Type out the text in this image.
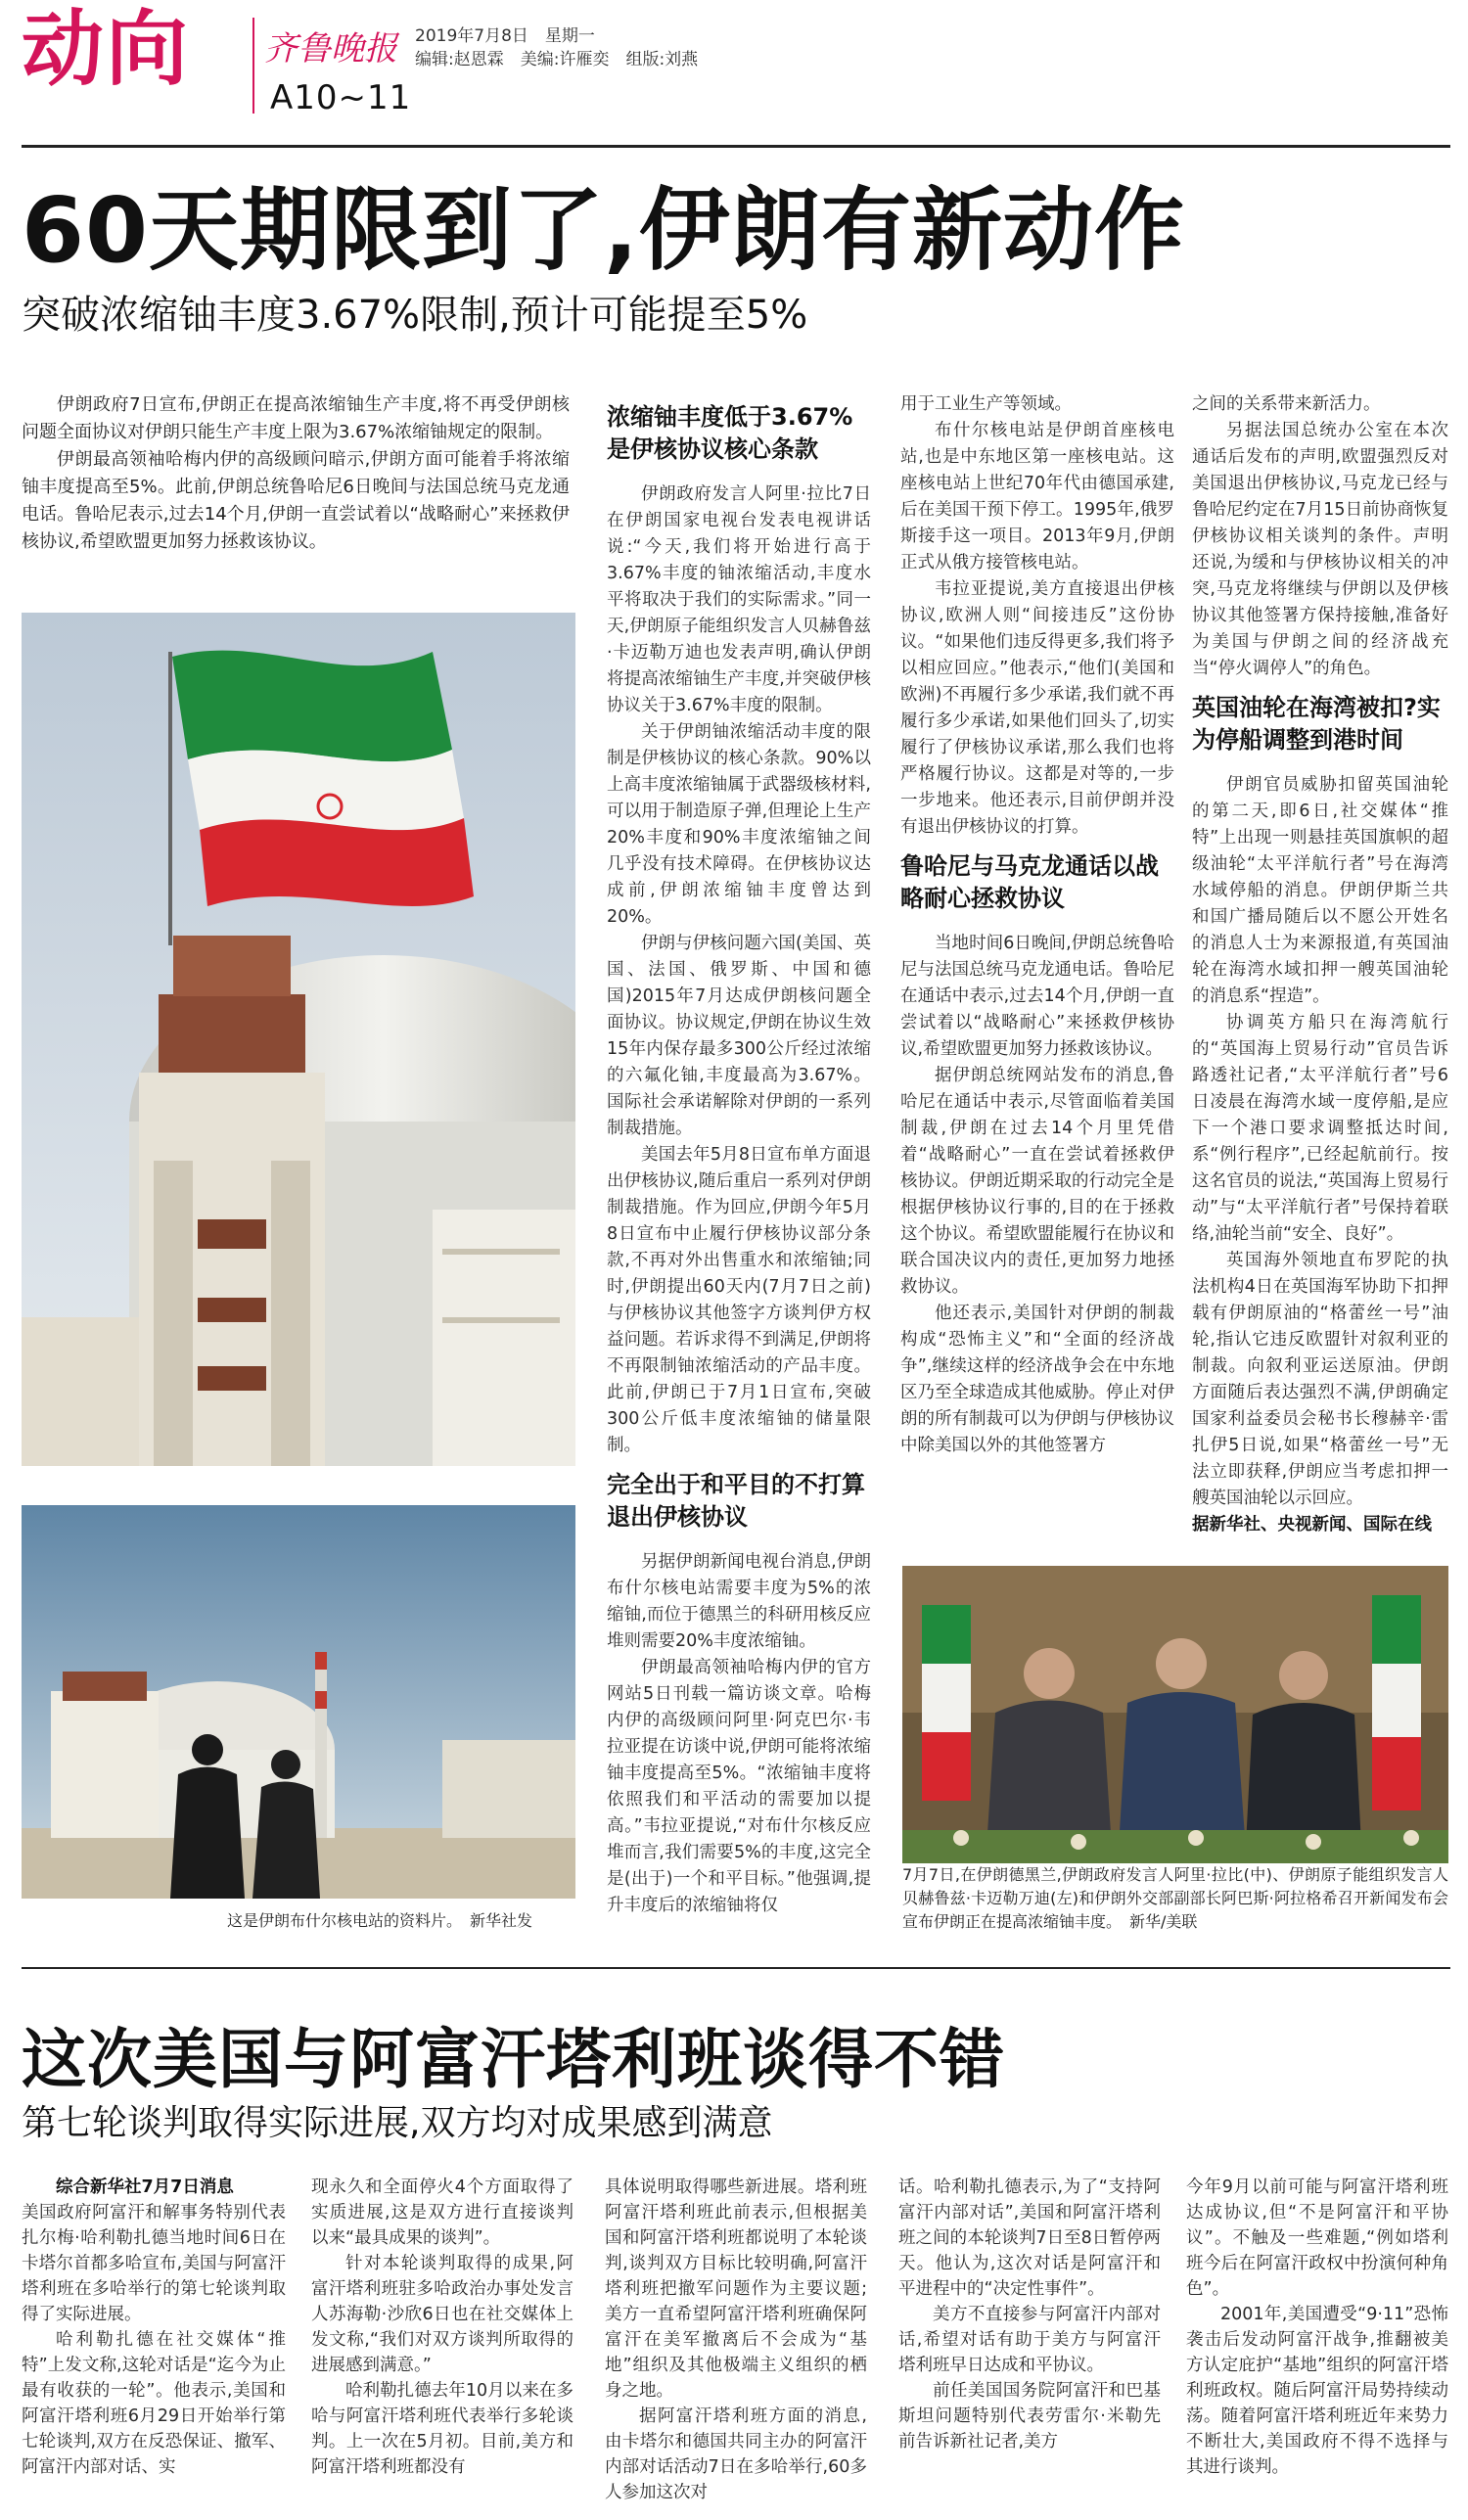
动向 齐鲁晚报
A10~11
2019年7月8日　星期一
编辑:赵恩霖　美编:许雁奕　组版:刘燕
60天期限到了,伊朗有新动作
突破浓缩铀丰度3.67%限制,预计可能提至5%

伊朗政府7日宣布,伊朗正在提高浓缩铀生产丰度,将不再受伊朗核问题全面协议对伊朗只能生产丰度上限为3.67%浓缩铀规定的限制。

伊朗最高领袖哈梅内伊的高级顾问暗示,伊朗方面可能着手将浓缩铀丰度提高至5%。此前,伊朗总统鲁哈尼6日晚间与法国总统马克龙通电话。鲁哈尼表示,过去14个月,伊朗一直尝试着以“战略耐心”来拯救伊核协议,希望欧盟更加努力拯救该协议。

这是伊朗布什尔核电站的资料片。　新华社发
浓缩铀丰度低于3.67%是伊核协议核心条款

伊朗政府发言人阿里·拉比7日在伊朗国家电视台发表电视讲话说:“今天,我们将开始进行高于3.67%丰度的铀浓缩活动,丰度水平将取决于我们的实际需求。”同一天,伊朗原子能组织发言人贝赫鲁兹·卡迈勒万迪也发表声明,确认伊朗将提高浓缩铀生产丰度,并突破伊核协议关于3.67%丰度的限制。

关于伊朗铀浓缩活动丰度的限制是伊核协议的核心条款。90%以上高丰度浓缩铀属于武器级核材料,可以用于制造原子弹,但理论上生产20%丰度和90%丰度浓缩铀之间几乎没有技术障碍。在伊核协议达成前,伊朗浓缩铀丰度曾达到20%。

伊朗与伊核问题六国(美国、英国、法国、俄罗斯、中国和德国)2015年7月达成伊朗核问题全面协议。协议规定,伊朗在协议生效15年内保存最多300公斤经过浓缩的六氟化铀,丰度最高为3.67%。国际社会承诺解除对伊朗的一系列制裁措施。

美国去年5月8日宣布单方面退出伊核协议,随后重启一系列对伊朗制裁措施。作为回应,伊朗今年5月8日宣布中止履行伊核协议部分条款,不再对外出售重水和浓缩铀;同时,伊朗提出60天内(7月7日之前)与伊核协议其他签字方谈判伊方权益问题。若诉求得不到满足,伊朗将不再限制铀浓缩活动的产品丰度。此前,伊朗已于7月1日宣布,突破300公斤低丰度浓缩铀的储量限制。

完全出于和平目的不打算退出伊核协议

另据伊朗新闻电视台消息,伊朗布什尔核电站需要丰度为5%的浓缩铀,而位于德黑兰的科研用核反应堆则需要20%丰度浓缩铀。

伊朗最高领袖哈梅内伊的官方网站5日刊载一篇访谈文章。哈梅内伊的高级顾问阿里·阿克巴尔·韦拉亚提在访谈中说,伊朗可能将浓缩铀丰度提高至5%。“浓缩铀丰度将依照我们和平活动的需要加以提高。”韦拉亚提说,“对布什尔核反应堆而言,我们需要5%的丰度,这完全是(出于)一个和平目标。”他强调,提升丰度后的浓缩铀将仅

用于工业生产等领域。

布什尔核电站是伊朗首座核电站,也是中东地区第一座核电站。这座核电站上世纪70年代由德国承建,后在美国干预下停工。1995年,俄罗斯接手这一项目。2013年9月,伊朗正式从俄方接管核电站。

韦拉亚提说,美方直接退出伊核协议,欧洲人则“间接违反”这份协议。“如果他们违反得更多,我们将予以相应回应。”他表示,“他们(美国和欧洲)不再履行多少承诺,我们就不再履行多少承诺,如果他们回头了,切实履行了伊核协议承诺,那么我们也将严格履行协议。这都是对等的,一步一步地来。他还表示,目前伊朗并没有退出伊核协议的打算。

鲁哈尼与马克龙通话以战略耐心拯救协议

当地时间6日晚间,伊朗总统鲁哈尼与法国总统马克龙通电话。鲁哈尼在通话中表示,过去14个月,伊朗一直尝试着以“战略耐心”来拯救伊核协议,希望欧盟更加努力拯救该协议。

据伊朗总统网站发布的消息,鲁哈尼在通话中表示,尽管面临着美国制裁,伊朗在过去14个月里凭借着“战略耐心”一直在尝试着拯救伊核协议。伊朗近期采取的行动完全是根据伊核协议行事的,目的在于拯救这个协议。希望欧盟能履行在协议和联合国决议内的责任,更加努力地拯救协议。

他还表示,美国针对伊朗的制裁构成“恐怖主义”和“全面的经济战争”,继续这样的经济战争会在中东地区乃至全球造成其他威胁。停止对伊朗的所有制裁可以为伊朗与伊核协议中除美国以外的其他签署方

之间的关系带来新活力。

另据法国总统办公室在本次通话后发布的声明,欧盟强烈反对美国退出伊核协议,马克龙已经与鲁哈尼约定在7月15日前协商恢复伊核协议相关谈判的条件。声明还说,为缓和与伊核协议相关的冲突,马克龙将继续与伊朗以及伊核协议其他签署方保持接触,准备好为美国与伊朗之间的经济战充当“停火调停人”的角色。

英国油轮在海湾被扣?实为停船调整到港时间

伊朗官员威胁扣留英国油轮的第二天,即6日,社交媒体“推特”上出现一则悬挂英国旗帜的超级油轮“太平洋航行者”号在海湾水域停船的消息。伊朗伊斯兰共和国广播局随后以不愿公开姓名的消息人士为来源报道,有英国油轮在海湾水域扣押一艘英国油轮的消息系“捏造”。

协调英方船只在海湾航行的“英国海上贸易行动”官员告诉路透社记者,“太平洋航行者”号6日凌晨在海湾水域一度停船,是应下一个港口要求调整抵达时间,系“例行程序”,已经起航前行。按这名官员的说法,“英国海上贸易行动”与“太平洋航行者”号保持着联络,油轮当前“安全、良好”。

英国海外领地直布罗陀的执法机构4日在英国海军协助下扣押载有伊朗原油的“格蕾丝一号”油轮,指认它违反欧盟针对叙利亚的制裁。向叙利亚运送原油。伊朗方面随后表达强烈不满,伊朗确定国家利益委员会秘书长穆赫辛·雷扎伊5日说,如果“格蕾丝一号”无法立即获释,伊朗应当考虑扣押一艘英国油轮以示回应。

据新华社、央视新闻、国际在线

7月7日,在伊朗德黑兰,伊朗政府发言人阿里·拉比(中)、伊朗原子能组织发言人贝赫鲁兹·卡迈勒万迪(左)和伊朗外交部副部长阿巴斯·阿拉格希召开新闻发布会宣布伊朗正在提高浓缩铀丰度。　新华/美联
这次美国与阿富汗塔利班谈得不错
第七轮谈判取得实际进展,双方均对成果感到满意

综合新华社7月7日消息

美国政府阿富汗和解事务特别代表扎尔梅·哈利勒扎德当地时间6日在卡塔尔首都多哈宣布,美国与阿富汗塔利班在多哈举行的第七轮谈判取得了实际进展。

哈利勒扎德在社交媒体“推特”上发文称,这轮对话是“迄今为止最有收获的一轮”。他表示,美国和阿富汗塔利班6月29日开始举行第七轮谈判,双方在反恐保证、撤军、阿富汗内部对话、实

现永久和全面停火4个方面取得了实质进展,这是双方进行直接谈判以来“最具成果的谈判”。

针对本轮谈判取得的成果,阿富汗塔利班驻多哈政治办事处发言人苏海勒·沙欣6日也在社交媒体上发文称,“我们对双方谈判所取得的进展感到满意。”

哈利勒扎德去年10月以来在多哈与阿富汗塔利班代表举行多轮谈判。上一次在5月初。目前,美方和阿富汗塔利班都没有

具体说明取得哪些新进展。塔利班阿富汗塔利班此前表示,但根据美国和阿富汗塔利班都说明了本轮谈判,谈判双方目标比较明确,阿富汗塔利班把撤军问题作为主要议题;美方一直希望阿富汗塔利班确保阿富汗在美军撤离后不会成为“基地”组织及其他极端主义组织的栖身之地。

据阿富汗塔利班方面的消息,由卡塔尔和德国共同主办的阿富汗内部对话活动7日在多哈举行,60多人参加这次对

话。哈利勒扎德表示,为了“支持阿富汗内部对话”,美国和阿富汗塔利班之间的本轮谈判7日至8日暂停两天。他认为,这次对话是阿富汗和平进程中的“决定性事件”。

美方不直接参与阿富汗内部对话,希望对话有助于美方与阿富汗塔利班早日达成和平协议。

前任美国国务院阿富汗和巴基斯坦问题特别代表劳雷尔·米勒先前告诉新社记者,美方

今年9月以前可能与阿富汗塔利班达成协议,但“不是阿富汗和平协议”。不触及一些难题,“例如塔利班今后在阿富汗政权中扮演何种角色”。

2001年,美国遭受“9·11”恐怖袭击后发动阿富汗战争,推翻被美方认定庇护“基地”组织的阿富汗塔利班政权。随后阿富汗局势持续动荡。随着阿富汗塔利班近年来势力不断壮大,美国政府不得不选择与其进行谈判。
